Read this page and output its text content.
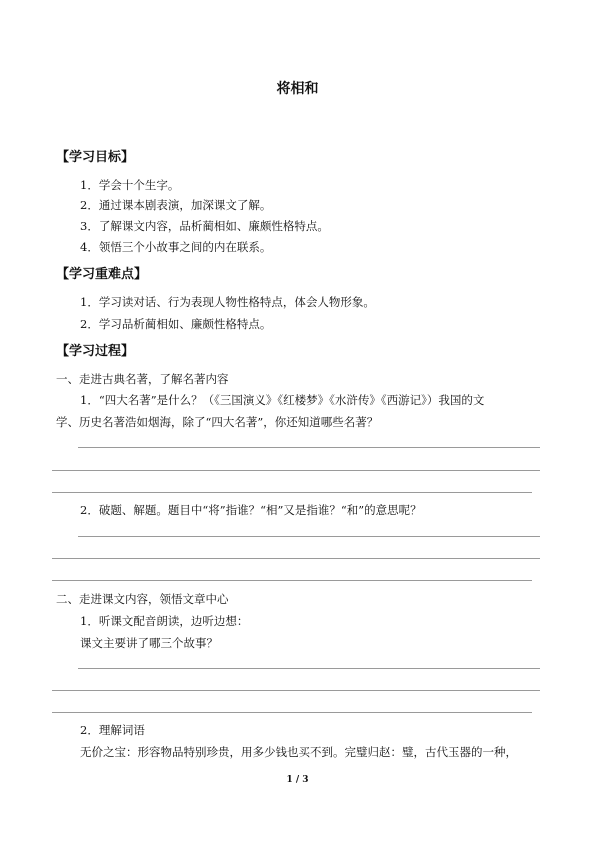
将相和
【学习目标】
1．学会十个生字。
2．通过课本剧表演，加深课文了解。
3．了解课文内容，品析蔺相如、廉颇性格特点。
4．领悟三个小故事之间的内在联系。
【学习重难点】
1．学习读对话、行为表现人物性格特点，体会人物形象。
2．学习品析蔺相如、廉颇性格特点。
【学习过程】
一、走进古典名著，了解名著内容
1．“四大名著”是什么？（《三国演义》《红楼梦》《水浒传》《西游记》）我国的文
学、历史名著浩如烟海，除了“四大名著”，你还知道哪些名著？
2．破题、解题。题目中“将”指谁？“相”又是指谁？“和”的意思呢？
二、走进课文内容，领悟文章中心
1．听课文配音朗读，边听边想：
课文主要讲了哪三个故事？
2．理解词语
无价之宝：形容物品特别珍贵，用多少钱也买不到。完璧归赵：璧，古代玉器的一种，
1 / 3
